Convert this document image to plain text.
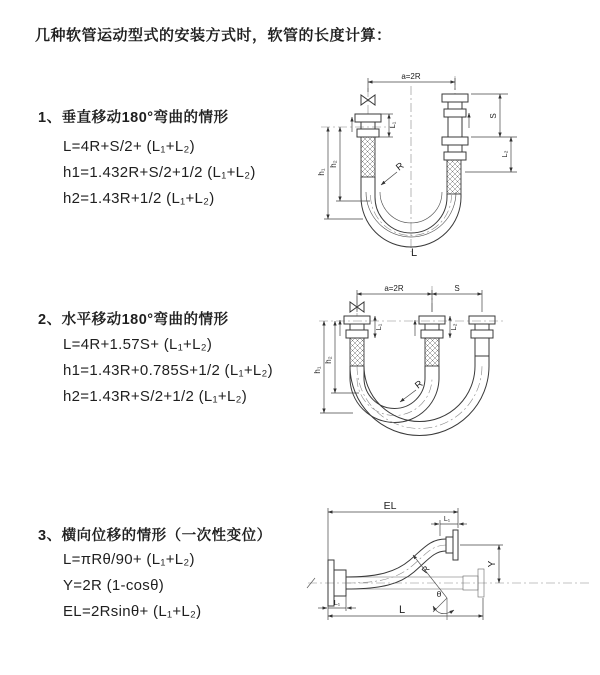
几种软管运动型式的安装方式时，软管的长度计算：
1、垂直移动180°弯曲的情形
L=4R+S/2+ (L₁+L₂)
h1=1.432R+S/2+1/2 (L₁+L₂)
h2=1.43R+1/2 (L₁+L₂)
2、水平移动180°弯曲的情形
L=4R+1.57S+ (L₁+L₂)
h1=1.43R+0.785S+1/2 (L₁+L₂)
h2=1.43R+S/2+1/2 (L₁+L₂)
3、横向位移的情形（一次性变位）
L=πRθ/90+ (L₁+L₂)
Y=2R (1-cosθ)
EL=2Rsinθ+ (L₁+L₂)
a=2R
S
L₂
h₁
h₂
L₁
R
L
a=2R	S
h₁
h₂
L₁	L₂
R
EL
L₁
Y
L
L₁
R
θ
